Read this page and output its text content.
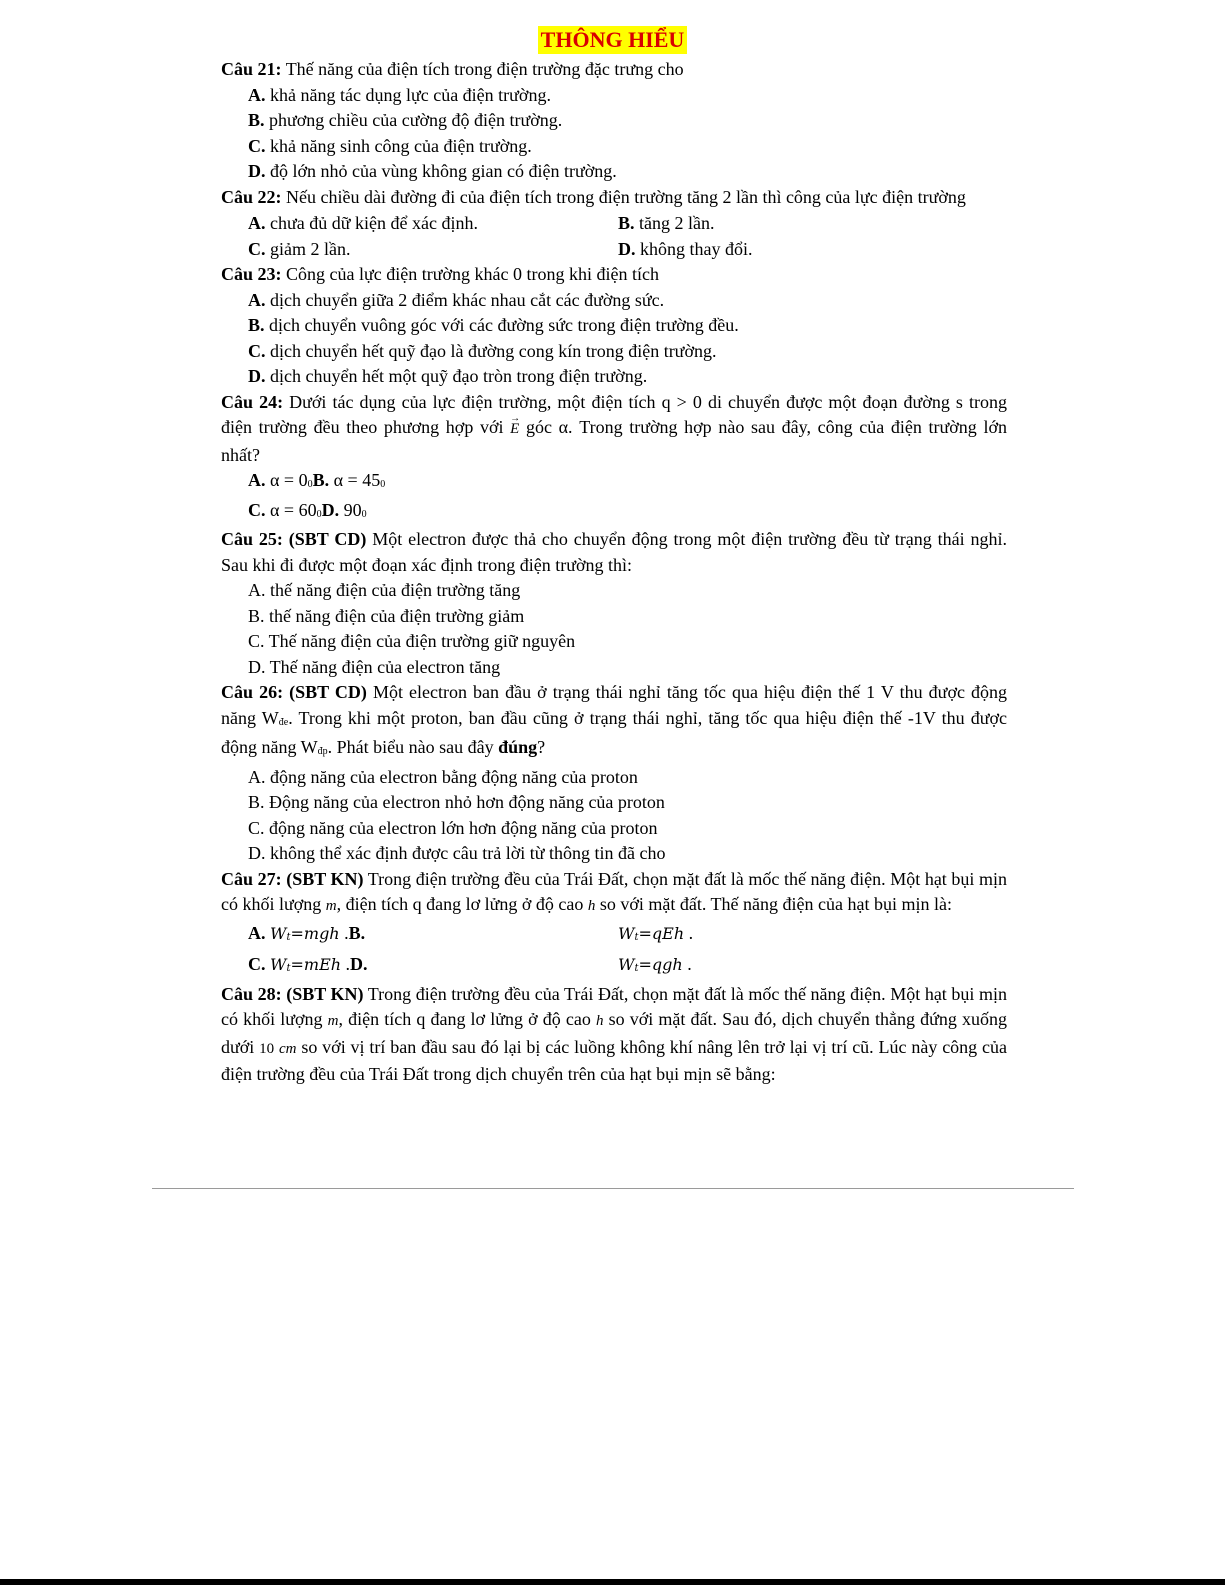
THÔNG HIỂU

Câu 21: Thế năng của điện tích trong điện trường đặc trưng cho

A. khả năng tác dụng lực của điện trường.

B. phương chiều của cường độ điện trường.

C. khả năng sinh công của điện trường.

D. độ lớn nhỏ của vùng không gian có điện trường.

Câu 22: Nếu chiều dài đường đi của điện tích trong điện trường tăng 2 lần thì công của lực điện trường

A. chưa đủ dữ kiện để xác định.	B. tăng 2 lần.
C. giảm 2 lần.	D. không thay đổi.

Câu 23: Công của lực điện trường khác 0 trong khi điện tích

A. dịch chuyển giữa 2 điểm khác nhau cắt các đường sức.

B. dịch chuyển vuông góc với các đường sức trong điện trường đều.

C. dịch chuyển hết quỹ đạo là đường cong kín trong điện trường.

D. dịch chuyển hết một quỹ đạo tròn trong điện trường.

Câu 24: Dưới tác dụng của lực điện trường, một điện tích q > 0 di chuyển được một đoạn đường s trong điện trường đều theo phương hợp với → E góc α. Trong trường hợp nào sau đây, công của điện trường lớn nhất?

A. α = 00B. α = 450

C. α = 600D. 900

Câu 25: (SBT CD) Một electron được thả cho chuyển động trong một điện trường đều từ trạng thái nghỉ. Sau khi đi được một đoạn xác định trong điện trường thì:

A. thế năng điện của điện trường tăng

B. thế năng điện của điện trường giảm

C. Thế năng điện của điện trường giữ nguyên

D. Thế năng điện của electron tăng

Câu 26: (SBT CD) Một electron ban đầu ở trạng thái nghỉ tăng tốc qua hiệu điện thế 1 V thu được động năng Wđe. Trong khi một proton, ban đầu cũng ở trạng thái nghỉ, tăng tốc qua hiệu điện thế -1V thu được động năng Wđp. Phát biểu nào sau đây đúng?

A. động năng của electron bằng động năng của proton

B. Động năng của electron nhỏ hơn động năng của proton

C. động năng của electron lớn hơn động năng của proton

D. không thể xác định được câu trả lời từ thông tin đã cho

Câu 27: (SBT KN) Trong điện trường đều của Trái Đất, chọn mặt đất là mốc thế năng điện. Một hạt bụi mịn có khối lượng m, điện tích q đang lơ lửng ở độ cao h so với mặt đất. Thế năng điện của hạt bụi mịn là:

A. Wt=mgh .B.	Wt=qEh .
C. Wt=mEh .D.	Wt=qgh .

Câu 28: (SBT KN) Trong điện trường đều của Trái Đất, chọn mặt đất là mốc thế năng điện. Một hạt bụi mịn có khối lượng m, điện tích q đang lơ lửng ở độ cao h so với mặt đất. Sau đó, dịch chuyển thẳng đứng xuống dưới 10 cm so với vị trí ban đầu sau đó lại bị các luồng không khí nâng lên trở lại vị trí cũ. Lúc này công của điện trường đều của Trái Đất trong dịch chuyển trên của hạt bụi mịn sẽ bằng:
